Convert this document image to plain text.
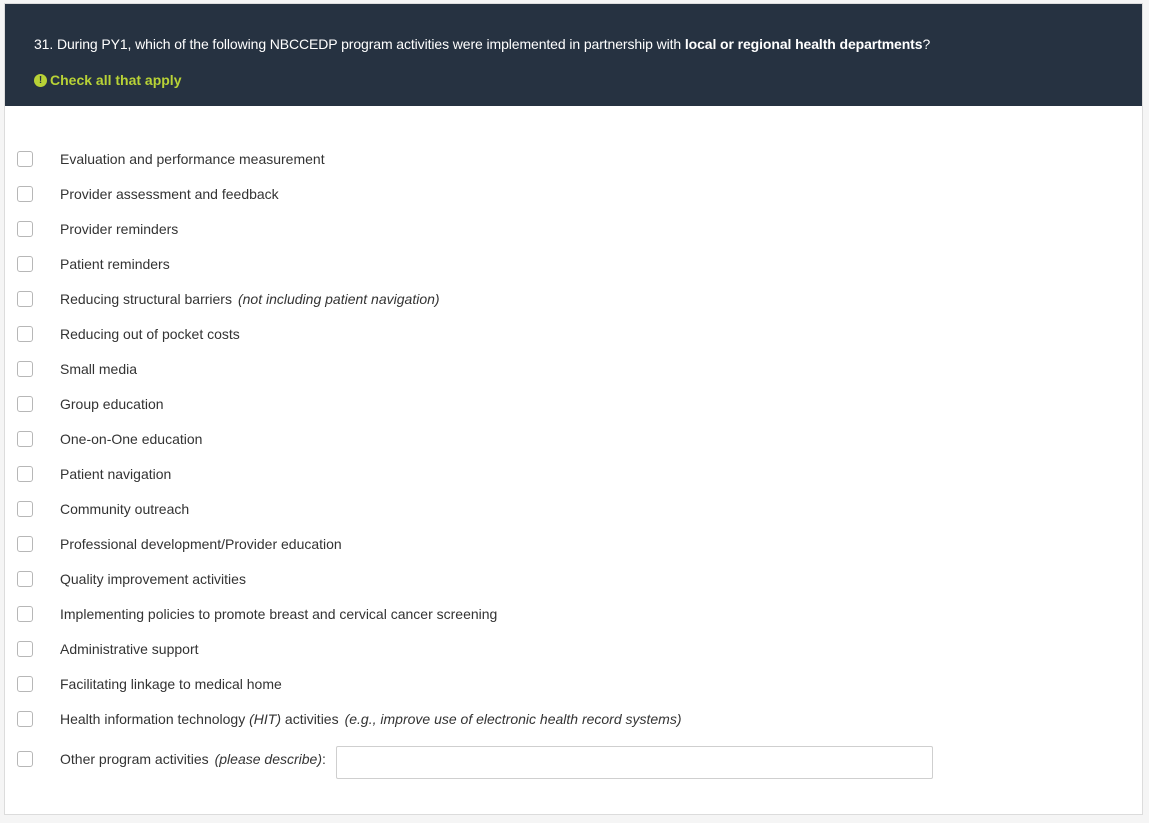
31. During PY1, which of the following NBCCEDP program activities were implemented in partnership with local or regional health departments?
! Check all that apply
Evaluation and performance measurement
Provider assessment and feedback
Provider reminders
Patient reminders
Reducing structural barriers (not including patient navigation)
Reducing out of pocket costs
Small media
Group education
One-on-One education
Patient navigation
Community outreach
Professional development/Provider education
Quality improvement activities
Implementing policies to promote breast and cervical cancer screening
Administrative support
Facilitating linkage to medical home
Health information technology (HIT) activities (e.g., improve use of electronic health record systems)
Other program activities (please describe):
